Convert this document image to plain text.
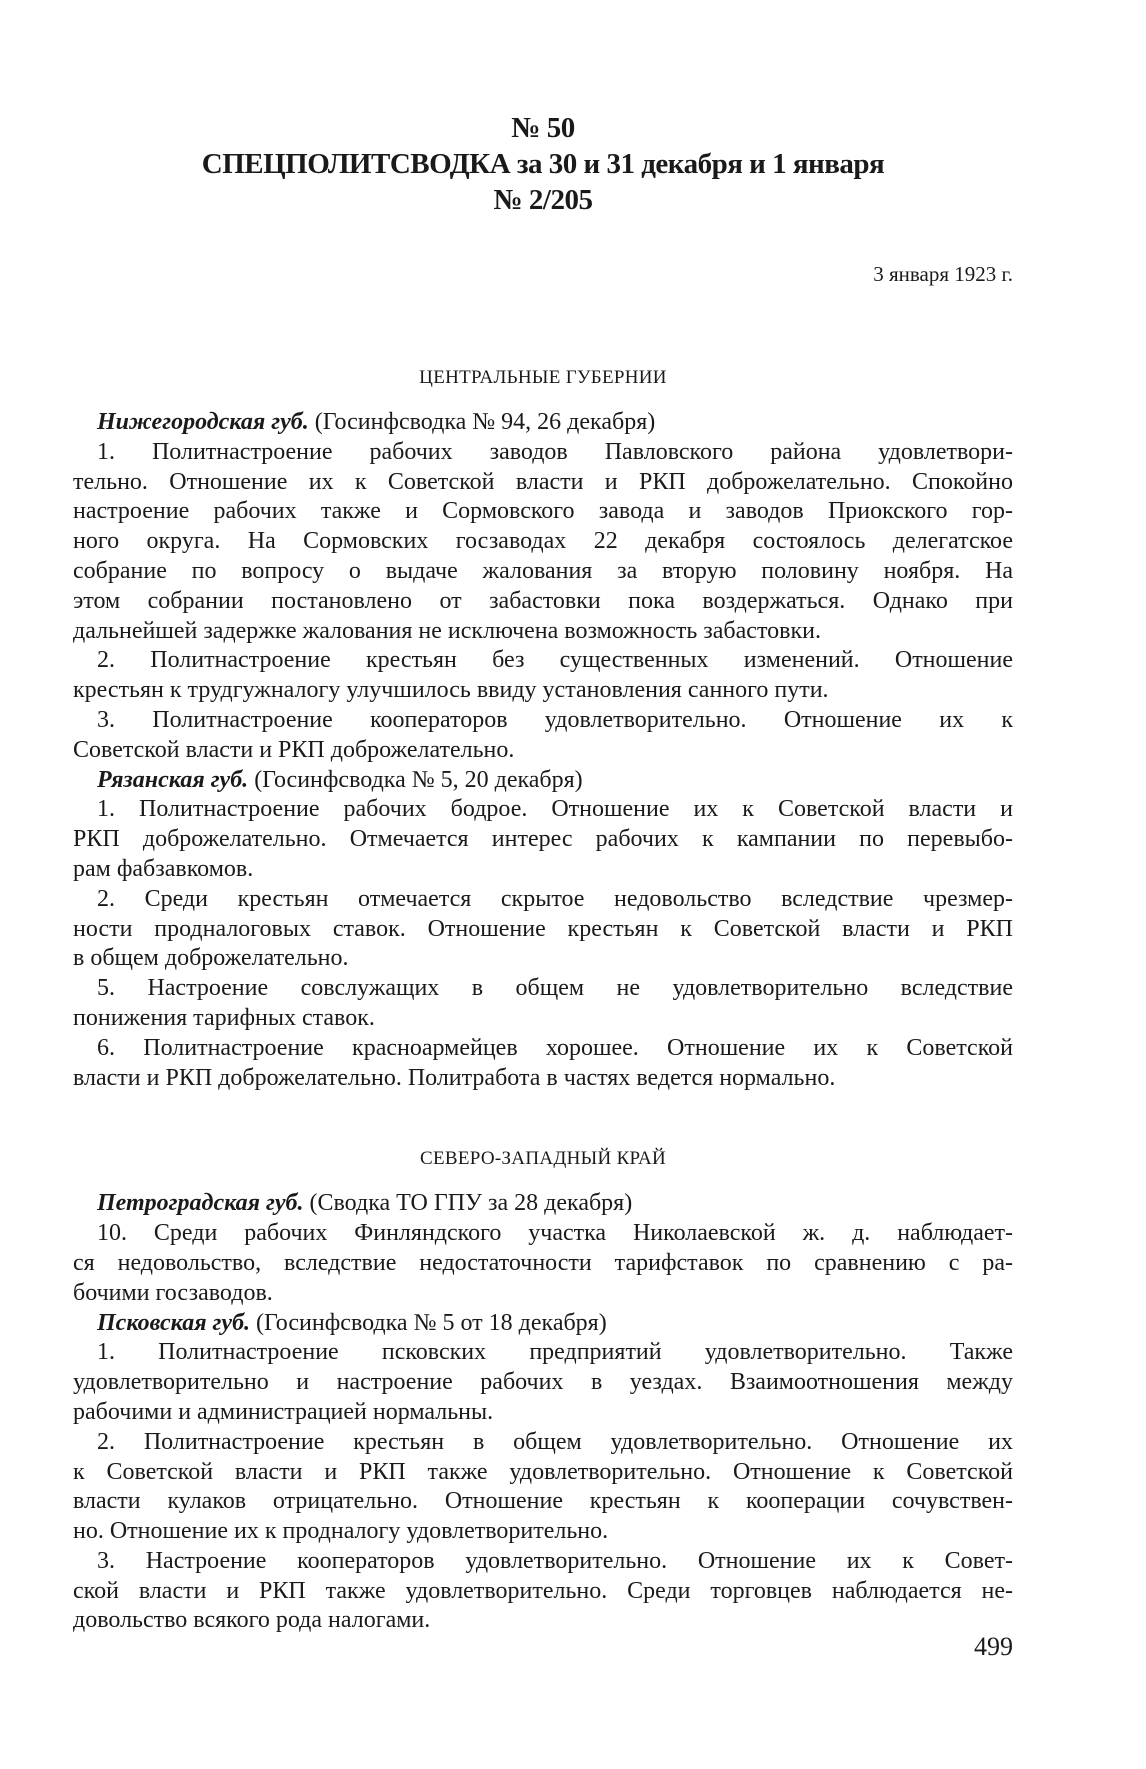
№ 50
СПЕЦПОЛИТСВОДКА за 30 и 31 декабря и 1 января
№ 2/205
3 января 1923 г.
ЦЕНТРАЛЬНЫЕ ГУБЕРНИИ
Нижегородская губ. (Госинфсводка № 94, 26 декабря)
1. Политнастроение рабочих заводов Павловского района удовлетвори-
тельно. Отношение их к Советской власти и РКП доброжелательно. Спокойно
настроение рабочих также и Сормовского завода и заводов Приокского гор-
ного округа. На Сормовских госзаводах 22 декабря состоялось делегатское
собрание по вопросу о выдаче жалования за вторую половину ноября. На
этом собрании постановлено от забастовки пока воздержаться. Однако при
дальнейшей задержке жалования не исключена возможность забастовки.
2. Политнастроение крестьян без существенных изменений. Отношение
крестьян к трудгужналогу улучшилось ввиду установления санного пути.
3. Политнастроение кооператоров удовлетворительно. Отношение их к
Советской власти и РКП доброжелательно.
Рязанская губ. (Госинфсводка № 5, 20 декабря)
1. Политнастроение рабочих бодрое. Отношение их к Советской власти и
РКП доброжелательно. Отмечается интерес рабочих к кампании по перевыбо-
рам фабзавкомов.
2. Среди крестьян отмечается скрытое недовольство вследствие чрезмер-
ности продналоговых ставок. Отношение крестьян к Советской власти и РКП
в общем доброжелательно.
5. Настроение совслужащих в общем не удовлетворительно вследствие
понижения тарифных ставок.
6. Политнастроение красноармейцев хорошее. Отношение их к Советской
власти и РКП доброжелательно. Политработа в частях ведется нормально.
СЕВЕРО-ЗАПАДНЫЙ КРАЙ
Петроградская губ. (Сводка ТО ГПУ за 28 декабря)
10. Среди рабочих Финляндского участка Николаевской ж. д. наблюдает-
ся недовольство, вследствие недостаточности тарифставок по сравнению с ра-
бочими госзаводов.
Псковская губ. (Госинфсводка № 5 от 18 декабря)
1. Политнастроение псковских предприятий удовлетворительно. Также
удовлетворительно и настроение рабочих в уездах. Взаимоотношения между
рабочими и администрацией нормальны.
2. Политнастроение крестьян в общем удовлетворительно. Отношение их
к Советской власти и РКП также удовлетворительно. Отношение к Советской
власти кулаков отрицательно. Отношение крестьян к кооперации сочувствен-
но. Отношение их к продналогу удовлетворительно.
3. Настроение кооператоров удовлетворительно. Отношение их к Совет-
ской власти и РКП также удовлетворительно. Среди торговцев наблюдается не-
довольство всякого рода налогами.
499
